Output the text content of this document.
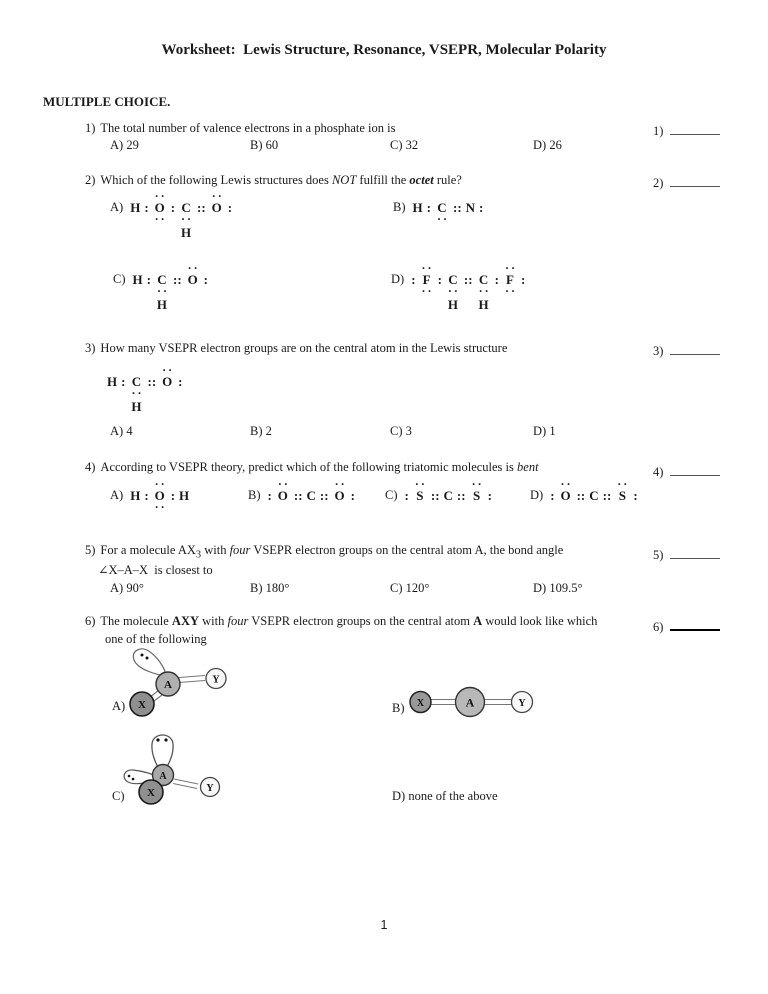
Worksheet:  Lewis Structure, Resonance, VSEPR, Molecular Polarity
MULTIPLE CHOICE.
1) The total number of valence electrons in a phosphate ion is	1)
A) 29	B) 60	C) 32	D) 26
2) Which of the following Lewis structures does NOT fulfill the octet rule?	2)
A) H :
··
O
··
: C
··
H
::
··
O :	B) H : C
··
:: N :
C) H : C
··
H
::
··
O :	D) :
··
F
··
: C
··
H
:: C
··
H
:
··
F
··
:
3) How many VSEPR electron groups are on the central atom in the Lewis structure	3)
H : C
··
H
::
··
O :
A) 4	B) 2	C) 3	D) 1
4) According to VSEPR theory, predict which of the following triatomic molecules is bent	4)
A) H :
··
O
··
: H	B) :
··
O :: C ::
··
O : C) :
··
S :: C ::
··
S :	D) :
··
O :: C ::
··
S :
5) For a molecule $AX_3$ with four VSEPR electron groups on the central atom A, the bond angle	5)
∠X–A–X  is closest to
A) 90°	B) 180°	C) 120°	D) 109.5°
6) The molecule AXY with four VSEPR electron groups on the central atom A would look like which	6)
one of the following
A
X
Y
A)	X	A	Y
B)
A
X	Y
C)	D) none of the above
1
